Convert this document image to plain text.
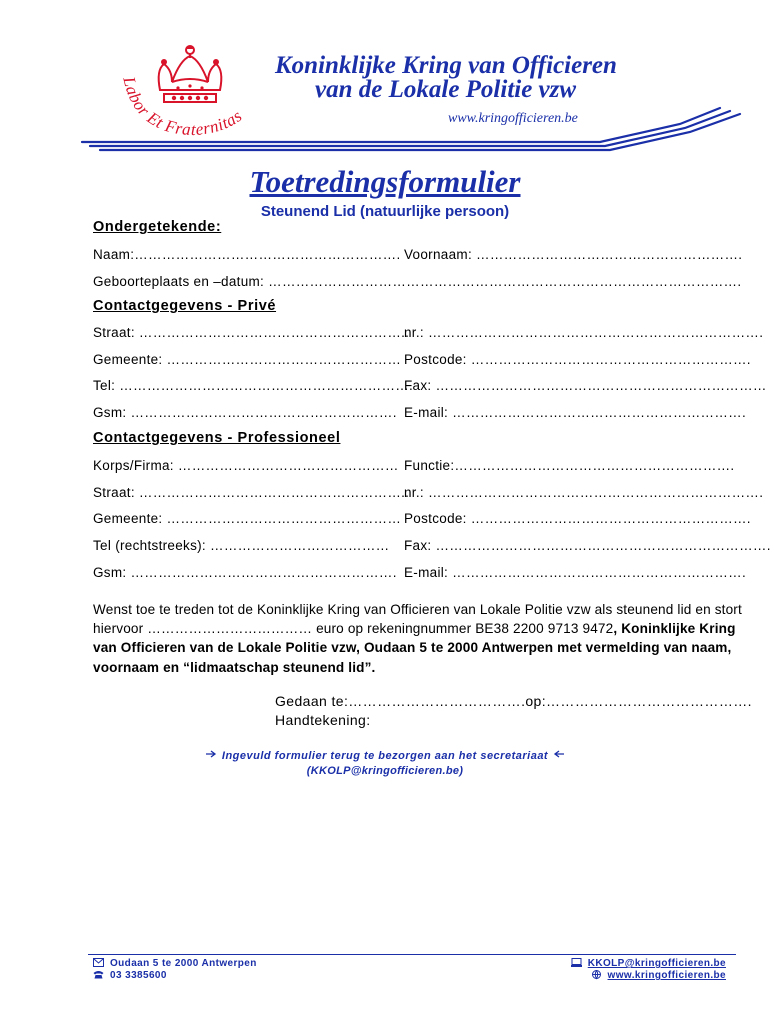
Labor Et Fraternitas
Koninklijke Kring van Officieren
van de Lokale Politie vzw
www.kringofficieren.be
Toetredingsformulier
Steunend Lid (natuurlijke persoon)
Ondergetekende:
Naam:…………………………………………………. Voornaam: ………………………………………………….
Geboorteplaats en –datum: ………………………………………………………………………………………….
Contactgegevens - Privé
Straat: …………………………………………………..
nr.: ……………………………………………………………….
Gemeente: …………………………………………… Postcode: …………………………………………………….
Tel: ……………………………………………………….
Fax: ………………………………………………………………
Gsm: …………………………………………………. E-mail: ……………………………………………………….
Contactgegevens - Professioneel
Korps/Firma: ………………………………………… Functie:…………………………………………………….
Straat: …………………………………………………..
nr.: ……………………………………………………………….
Gemeente: …………………………………………… Postcode: …………………………………………………….
Tel (rechtstreeks): ………………………………… Fax: ……………………………………………………………….
Gsm: …………………………………………………. E-mail: ……………………………………………………….
Wenst toe te treden tot de Koninklijke Kring van Officieren van Lokale Politie vzw als steunend lid en stort hiervoor ……………………………… euro op rekeningnummer BE38 2200 9713 9472, Koninklijke Kring van Officieren van de Lokale Politie vzw, Oudaan 5 te 2000 Antwerpen met vermelding van naam, voornaam en “lidmaatschap steunend lid”.
Gedaan te:……………………………….op:…………………………………….
Handtekening:
Ingevuld formulier terug te bezorgen aan het secretariaat
(KKOLP@kringofficieren.be)
Oudaan 5 te 2000 Antwerpen
03 3385600
KKOLP@kringofficieren.be
www.kringofficieren.be
